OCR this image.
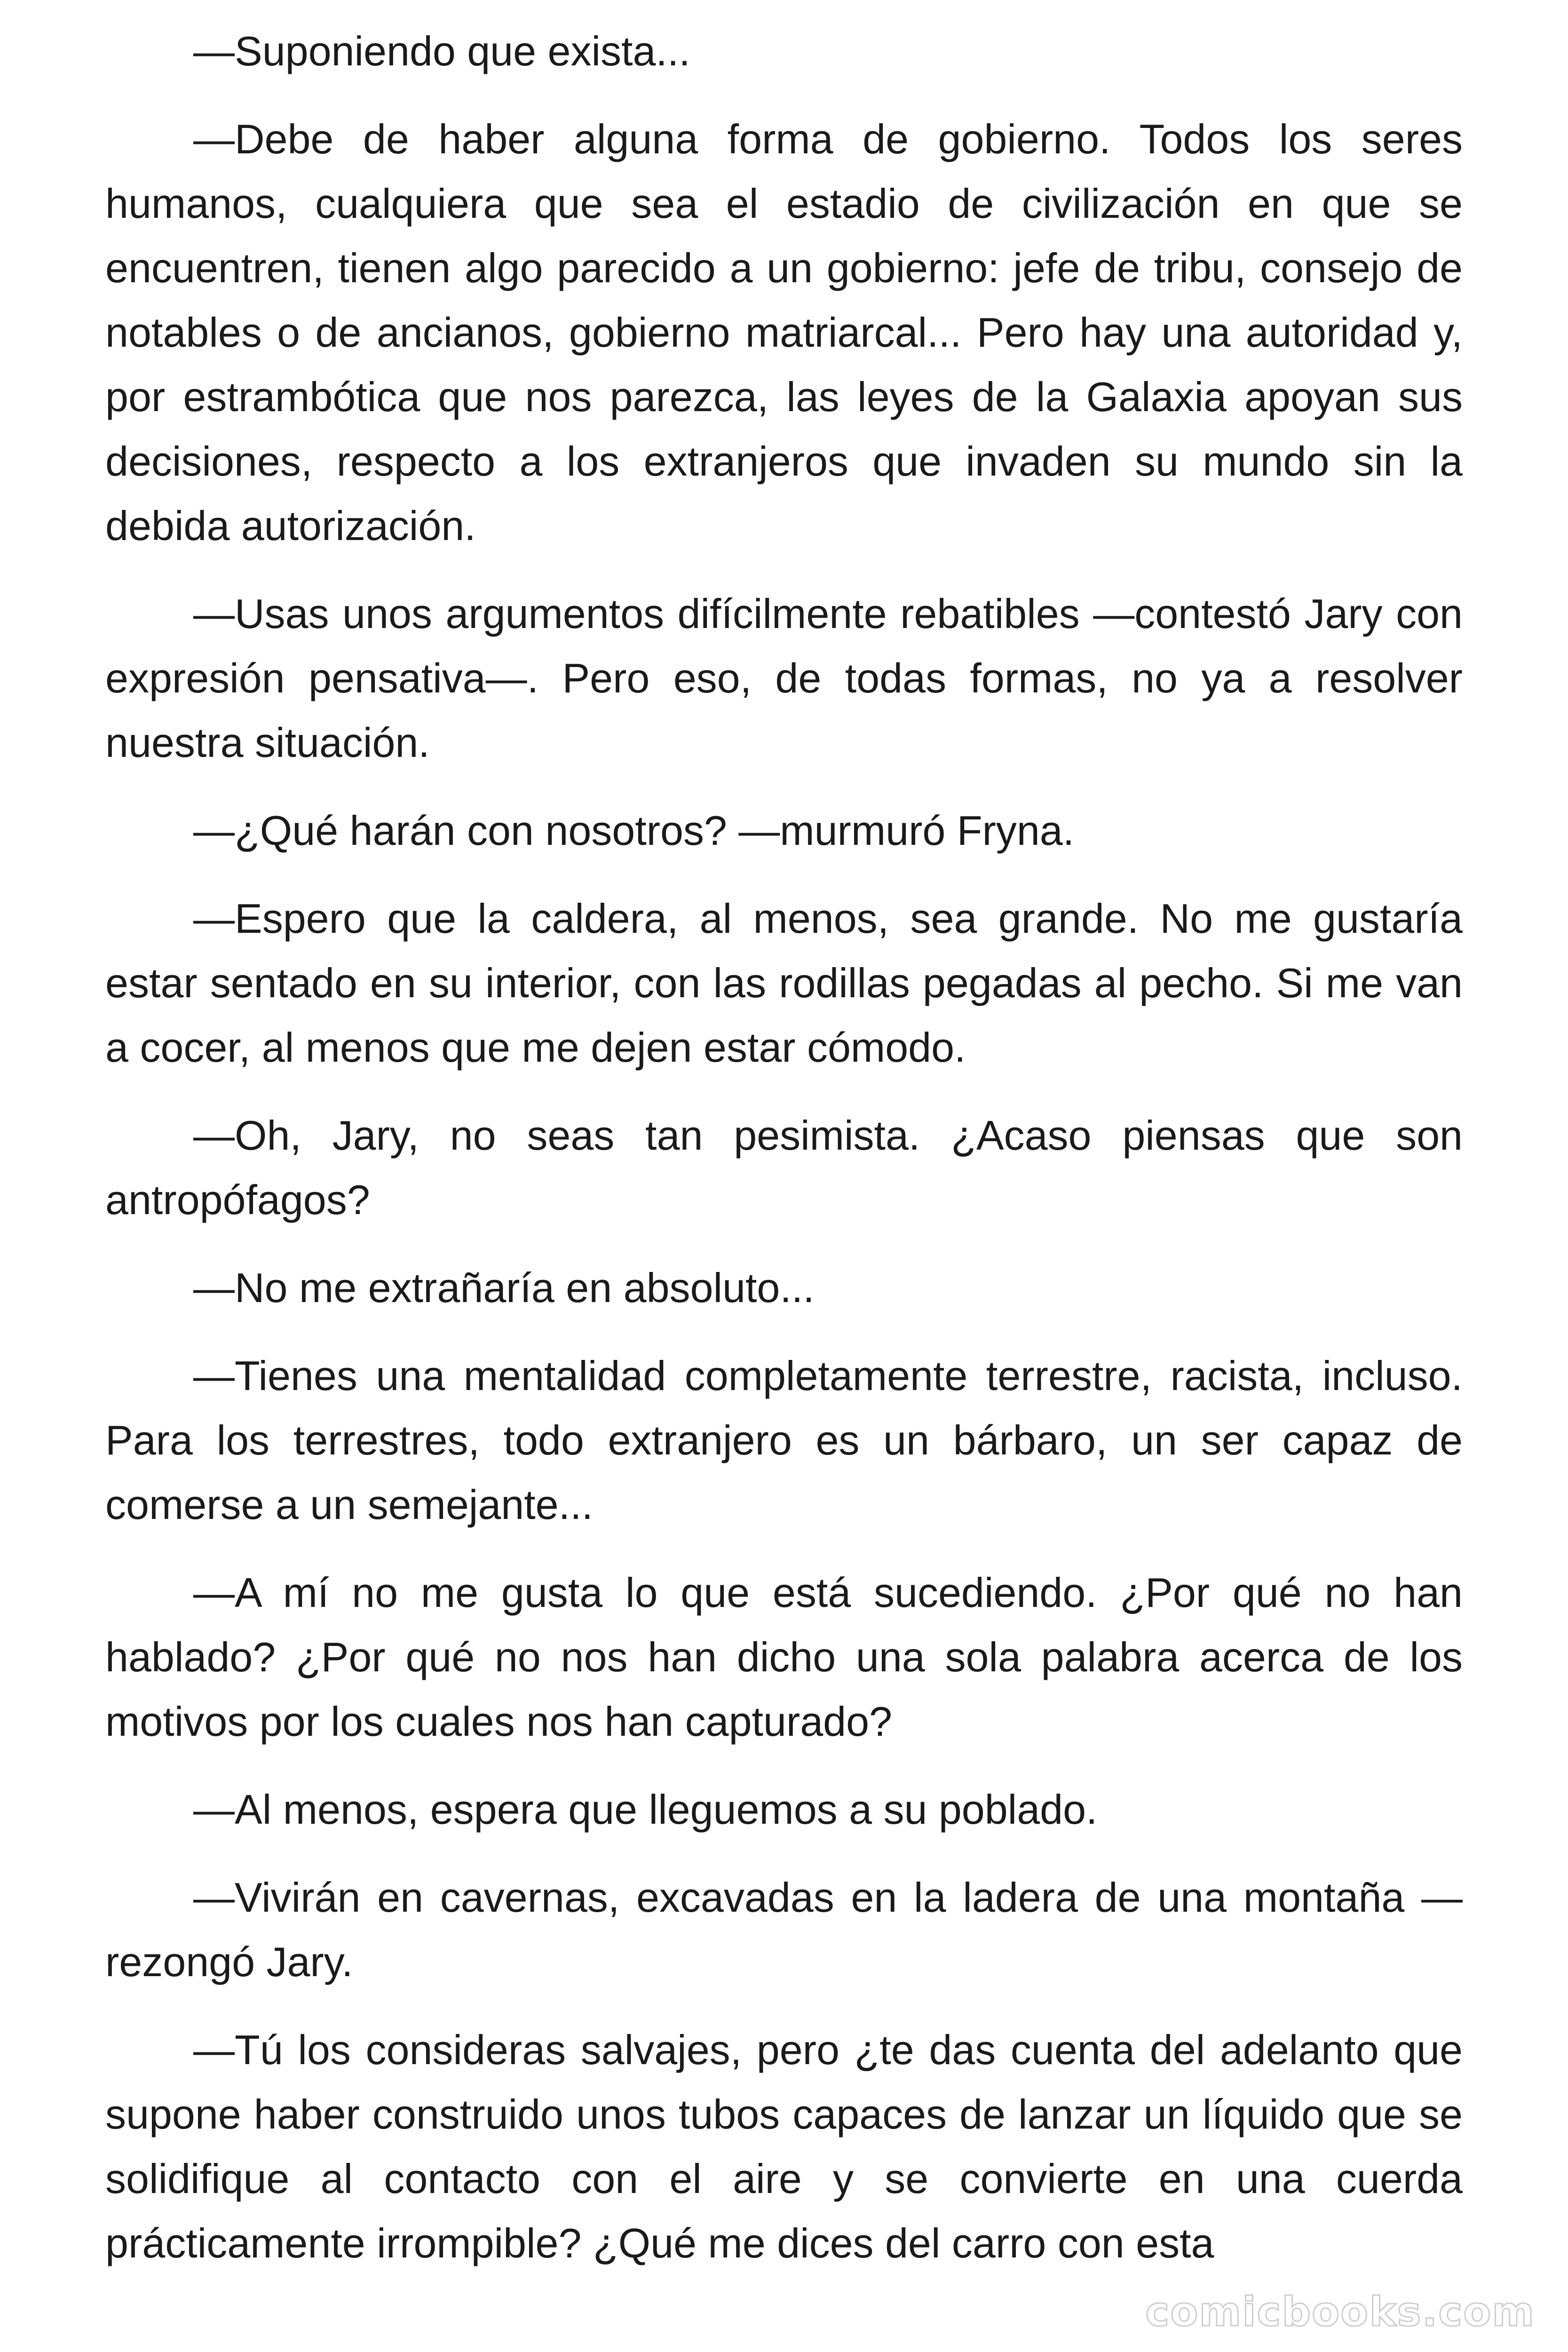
—Suponiendo que exista...

—Debe de haber alguna forma de gobierno. Todos los seres humanos, cualquiera que sea el estadio de civilización en que se encuentren, tienen algo parecido a un gobierno: jefe de tribu, consejo de notables o de ancianos, gobierno matriarcal... Pero hay una autoridad y, por estrambótica que nos parezca, las leyes de la Galaxia apoyan sus decisiones, respecto a los extranjeros que invaden su mundo sin la debida autorización.

—Usas unos argumentos difícilmente rebatibles —contestó Jary con expresión pensativa—. Pero eso, de todas formas, no ya a resolver nuestra situación.

—¿Qué harán con nosotros? —murmuró Fryna.

—Espero que la caldera, al menos, sea grande. No me gustaría estar sentado en su interior, con las rodillas pegadas al pecho. Si me van a cocer, al menos que me dejen estar cómodo.

—Oh, Jary, no seas tan pesimista. ¿Acaso piensas que son antropófagos?

—No me extrañaría en absoluto...

—Tienes una mentalidad completamente terrestre, racista, incluso. Para los terrestres, todo extranjero es un bárbaro, un ser capaz de comerse a un semejante...

—A mí no me gusta lo que está sucediendo. ¿Por qué no han hablado? ¿Por qué no nos han dicho una sola palabra acerca de los motivos por los cuales nos han capturado?

—Al menos, espera que lleguemos a su poblado.

—Vivirán en cavernas, excavadas en la ladera de una montaña —rezongó Jary.

—Tú los consideras salvajes, pero ¿te das cuenta del adelanto que supone haber construido unos tubos capaces de lanzar un líquido que se solidifique al contacto con el aire y se convierte en una cuerda prácticamente irrompible? ¿Qué me dices del carro con esta

comicbooks.com
